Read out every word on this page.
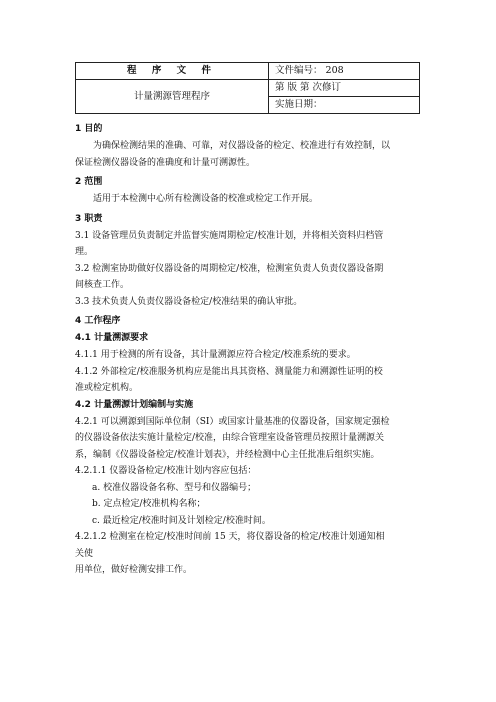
程 序 文 件	文件编号： 208
计量溯源管理程序	第 版 第 次修订
	实施日期：

1 目的

为确保检测结果的准确、可靠，对仪器设备的检定、校准进行有效控制，以

保证检测仪器设备的准确度和计量可溯源性。

2 范围

适用于本检测中心所有检测设备的校准或检定工作开展。

3 职责

3.1 设备管理员负责制定并监督实施周期检定/校准计划，并将相关资料归档管

理。

3.2 检测室协助做好仪器设备的周期检定/校准，检测室负责人负责仪器设备期

间核查工作。

3.3 技术负责人负责仪器设备检定/校准结果的确认审批。

4 工作程序

4.1 计量溯源要求

4.1.1 用于检测的所有设备，其计量溯源应符合检定/校准系统的要求。

4.1.2 外部检定/校准服务机构应是能出具其资格、测量能力和溯源性证明的校

准或检定机构。

4.2 计量溯源计划编制与实施

4.2.1 可以溯源到国际单位制（SI）或国家计量基准的仪器设备，国家规定强检

的仪器设备依法实施计量检定/校准，由综合管理室设备管理员按照计量溯源关

系，编制《仪器设备检定/校准计划表》，并经检测中心主任批准后组织实施。

4.2.1.1 仪器设备检定/校准计划内容应包括：

a. 校准仪器设备名称、型号和仪器编号；

b. 定点检定/校准机构名称；

c. 最近检定/校准时间及计划检定/校准时间。

4.2.1.2 检测室在检定/校准时间前 15 天，将仪器设备的检定/校准计划通知相

关使

用单位，做好检测安排工作。
